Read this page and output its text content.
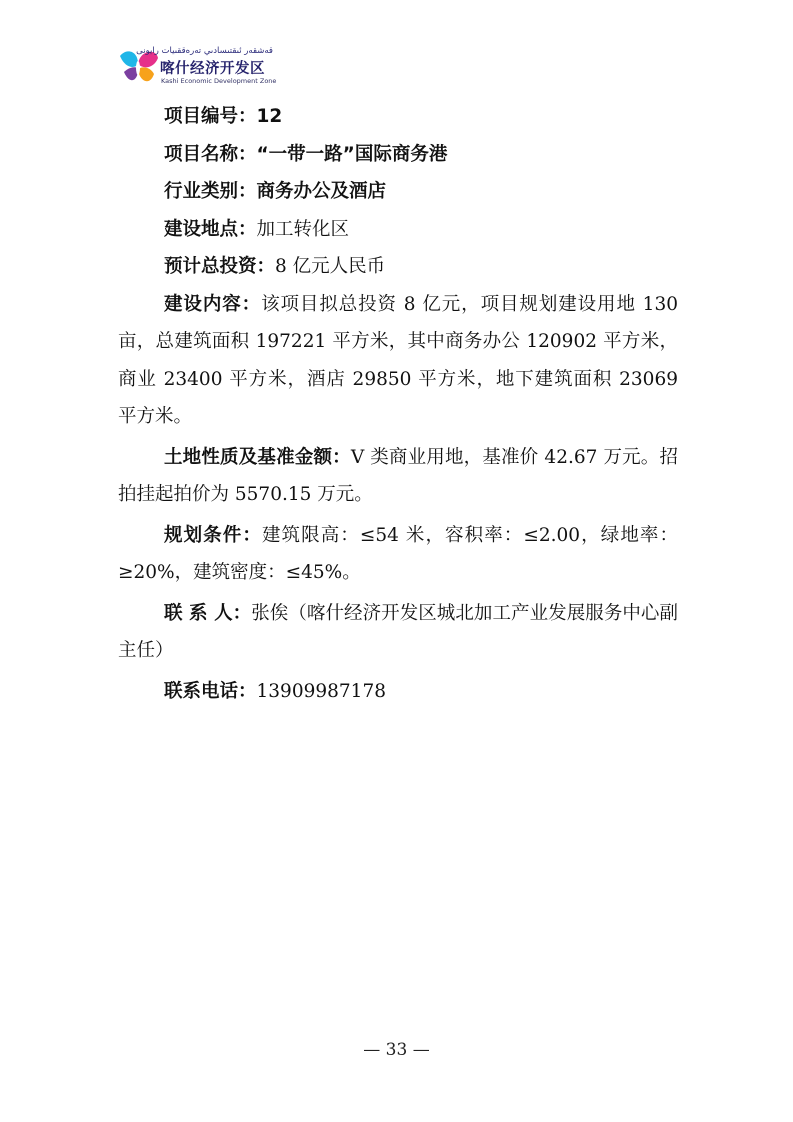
قەشقەر ئىقتىسادىي تەرەققىيات رايونى
喀什经济开发区
Kashi Economic Development Zone

项目编号：12

项目名称：“一带一路”国际商务港

行业类别：商务办公及酒店

建设地点：加工转化区

预计总投资：8 亿元人民币

建设内容：该项目拟总投资 8 亿元，项目规划建设用地 130 亩，总建筑面积 197221 平方米，其中商务办公 120902 平方米，商业 23400 平方米，酒店 29850 平方米，地下建筑面积 23069 平方米。

土地性质及基准金额：V 类商业用地，基准价 42.67 万元。招拍挂起拍价为 5570.15 万元。

规划条件：建筑限高：≤54 米，容积率：≤2.00，绿地率：≥20%，建筑密度：≤45%。

联 系 人：张俟（喀什经济开发区城北加工产业发展服务中心副主任）

联系电话：13909987178

— 33 —
